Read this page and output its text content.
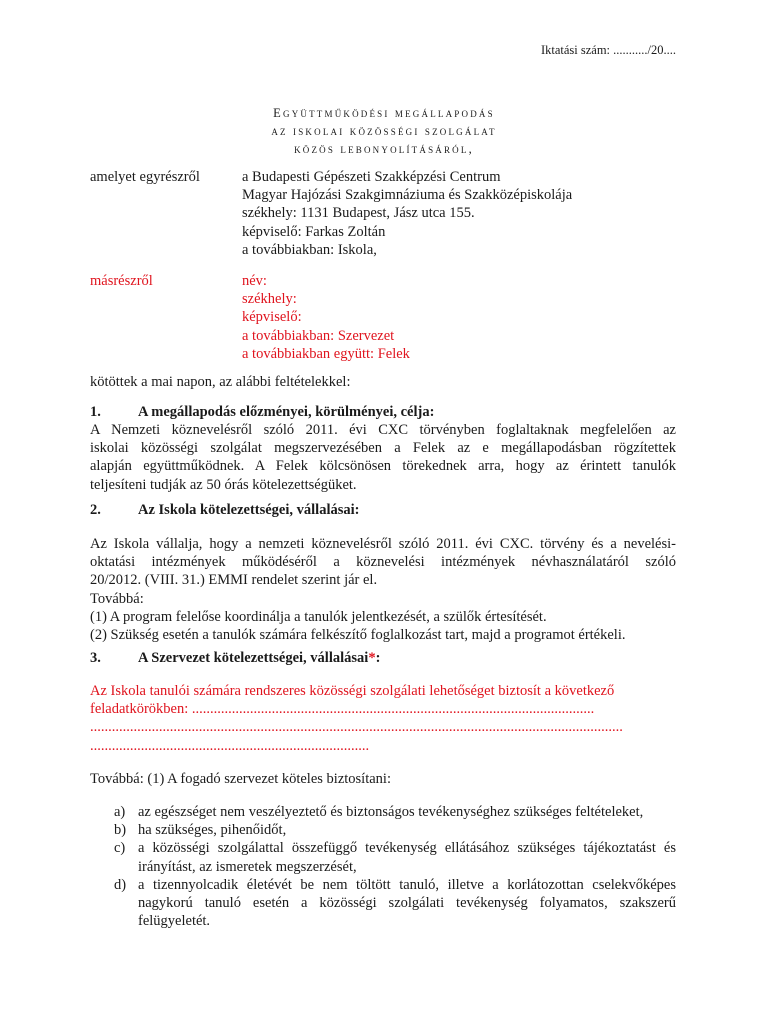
Iktatási szám: .........../20....
Együttműködési megállapodás
az iskolai közösségi szolgálat
közös lebonyolításáról,
amelyet egyrészről	a Budapesti Gépészeti Szakképzési Centrum
Magyar Hajózási Szakgimnáziuma és Szakközépiskolája
székhely: 1131 Budapest, Jász utca 155.
képviselő: Farkas Zoltán
a továbbiakban: Iskola,
másrészről	név:
székhely:
képviselő:
a továbbiakban: Szervezet
a továbbiakban együtt: Felek
kötöttek a mai napon, az alábbi feltételekkel:
1.	A megállapodás előzményei, körülményei, célja:
A Nemzeti köznevelésről szóló 2011. évi CXC törvényben foglaltaknak megfelelően az
iskolai közösségi szolgálat megszervezésében a Felek az e megállapodásban rögzítettek
alapján együttműködnek. A Felek kölcsönösen törekednek arra, hogy az érintett tanulók
teljesíteni tudják az 50 órás kötelezettségüket.
2.	Az Iskola kötelezettségei, vállalásai:
Az Iskola vállalja, hogy a nemzeti köznevelésről szóló 2011. évi CXC. törvény és a nevelési-
oktatási intézmények működéséről a köznevelési intézmények névhasználatáról szóló
20/2012. (VIII. 31.) EMMI rendelet szerint jár el.
Továbbá:
(1) A program felelőse koordinálja a tanulók jelentkezését, a szülők értesítését.
(2) Szükség esetén a tanulók számára felkészítő foglalkozást tart, majd a programot értékeli.
3.	A Szervezet kötelezettségei, vállalásai*:
Az Iskola tanulói számára rendszeres közösségi szolgálati lehetőséget biztosít a következő
feladatkörökben: ...............................................................................................................
...................................................................................................................................................
.............................................................................
Továbbá: (1) A fogadó szervezet köteles biztosítani:
a) az egészséget nem veszélyeztető és biztonságos tevékenységhez szükséges feltételeket,
b) ha szükséges, pihenőidőt,
c) a közösségi szolgálattal összefüggő tevékenység ellátásához szükséges tájékoztatást és
irányítást, az ismeretek megszerzését,
d) a tizennyolcadik életévét be nem töltött tanuló, illetve a korlátozottan cselekvőképes
nagykorú tanuló esetén a közösségi szolgálati tevékenység folyamatos, szakszerű
felügyeletét.
